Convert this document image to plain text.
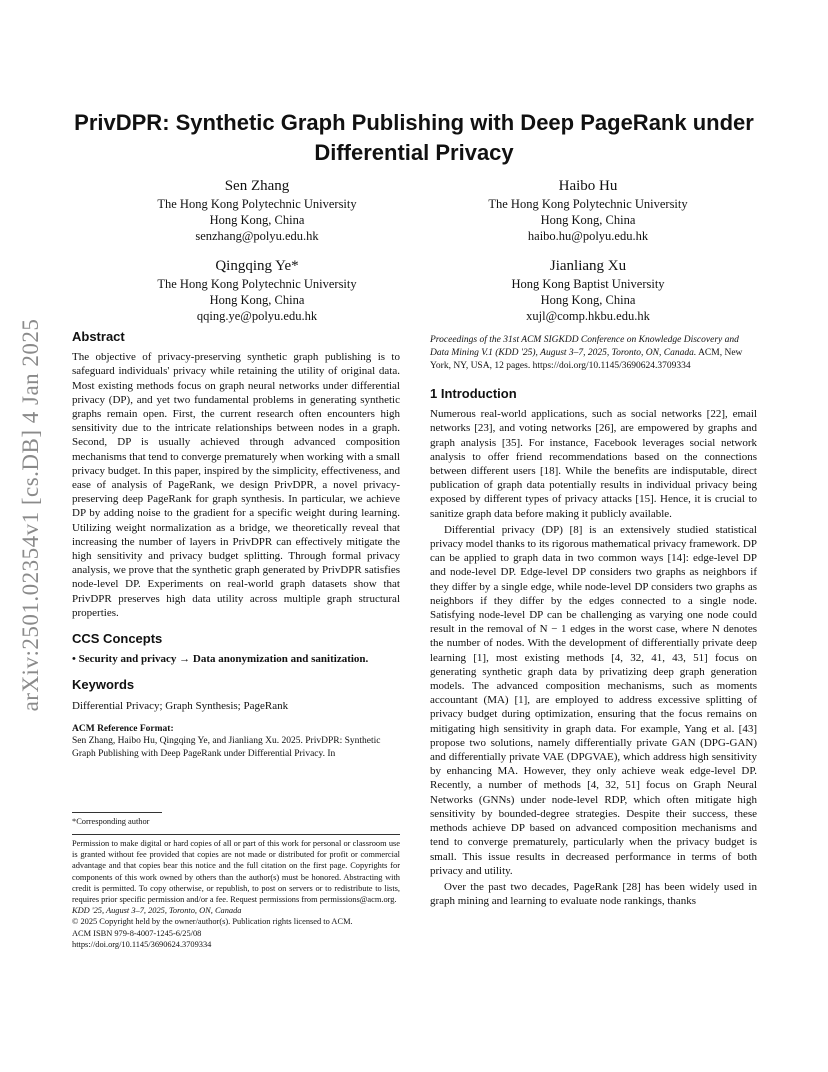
arXiv:2501.02354v1 [cs.DB] 4 Jan 2025
PrivDPR: Synthetic Graph Publishing with Deep PageRank under Differential Privacy
Sen Zhang
The Hong Kong Polytechnic University
Hong Kong, China
senzhang@polyu.edu.hk
Haibo Hu
The Hong Kong Polytechnic University
Hong Kong, China
haibo.hu@polyu.edu.hk
Qingqing Ye*
The Hong Kong Polytechnic University
Hong Kong, China
qqing.ye@polyu.edu.hk
Jianliang Xu
Hong Kong Baptist University
Hong Kong, China
xujl@comp.hkbu.edu.hk
Abstract

The objective of privacy-preserving synthetic graph publishing is to safeguard individuals' privacy while retaining the utility of original data. Most existing methods focus on graph neural networks under differential privacy (DP), and yet two fundamental problems in generating synthetic graphs remain open. First, the current research often encounters high sensitivity due to the intricate relationships between nodes in a graph. Second, DP is usually achieved through advanced composition mechanisms that tend to converge prematurely when working with a small privacy budget. In this paper, inspired by the simplicity, effectiveness, and ease of analysis of PageRank, we design PrivDPR, a novel privacy-preserving deep PageRank for graph synthesis. In particular, we achieve DP by adding noise to the gradient for a specific weight during learning. Utilizing weight normalization as a bridge, we theoretically reveal that increasing the number of layers in PrivDPR can effectively mitigate the high sensitivity and privacy budget splitting. Through formal privacy analysis, we prove that the synthetic graph generated by PrivDPR satisfies node-level DP. Experiments on real-world graph datasets show that PrivDPR preserves high data utility across multiple graph structural properties.

CCS Concepts

• Security and privacy → Data anonymization and sanitization.

Keywords

Differential Privacy; Graph Synthesis; PageRank

ACM Reference Format:

Sen Zhang, Haibo Hu, Qingqing Ye, and Jianliang Xu. 2025. PrivDPR: Synthetic Graph Publishing with Deep PageRank under Differential Privacy. In

*Corresponding author

Permission to make digital or hard copies of all or part of this work for personal or classroom use is granted without fee provided that copies are not made or distributed for profit or commercial advantage and that copies bear this notice and the full citation on the first page. Copyrights for components of this work owned by others than the author(s) must be honored. Abstracting with credit is permitted. To copy otherwise, or republish, to post on servers or to redistribute to lists, requires prior specific permission and/or a fee. Request permissions from permissions@acm.org.

KDD '25, August 3–7, 2025, Toronto, ON, Canada

© 2025 Copyright held by the owner/author(s). Publication rights licensed to ACM.

ACM ISBN 979-8-4007-1245-6/25/08

https://doi.org/10.1145/3690624.3709334

Proceedings of the 31st ACM SIGKDD Conference on Knowledge Discovery and Data Mining V.1 (KDD '25), August 3–7, 2025, Toronto, ON, Canada. ACM, New York, NY, USA, 12 pages. https://doi.org/10.1145/3690624.3709334

1 Introduction

Numerous real-world applications, such as social networks [22], email networks [23], and voting networks [26], are empowered by graphs and graph analysis [35]. For instance, Facebook leverages social network analysis to offer friend recommendations based on the connections between different users [18]. While the benefits are indisputable, direct publication of graph data potentially results in individual privacy being exposed by different types of privacy attacks [15]. Hence, it is crucial to sanitize graph data before making it publicly available.

Differential privacy (DP) [8] is an extensively studied statistical privacy model thanks to its rigorous mathematical privacy framework. DP can be applied to graph data in two common ways [14]: edge-level DP and node-level DP. Edge-level DP considers two graphs as neighbors if they differ by a single edge, while node-level DP considers two graphs as neighbors if they differ by the edges connected to a single node. Satisfying node-level DP can be challenging as varying one node could result in the removal of N − 1 edges in the worst case, where N denotes the number of nodes. With the development of differentially private deep learning [1], most existing methods [4, 32, 41, 43, 51] focus on generating synthetic graph data by privatizing deep graph generation models. The advanced composition mechanisms, such as moments accountant (MA) [1], are employed to address excessive splitting of privacy budget during optimization, ensuring that the focus remains on mitigating high sensitivity in graph data. For example, Yang et al. [43] propose two solutions, namely differentially private GAN (DPG-GAN) and differentially private VAE (DPGVAE), which address high sensitivity by enhancing MA. However, they only achieve weak edge-level DP. Recently, a number of methods [4, 32, 51] focus on Graph Neural Networks (GNNs) under node-level RDP, which often mitigate high sensitivity by bounded-degree strategies. Despite their success, these methods achieve DP based on advanced composition mechanisms and tend to converge prematurely, particularly when the privacy budget is small. This issue results in decreased performance in terms of both privacy and utility.

Over the past two decades, PageRank [28] has been widely used in graph mining and learning to evaluate node rankings, thanks
